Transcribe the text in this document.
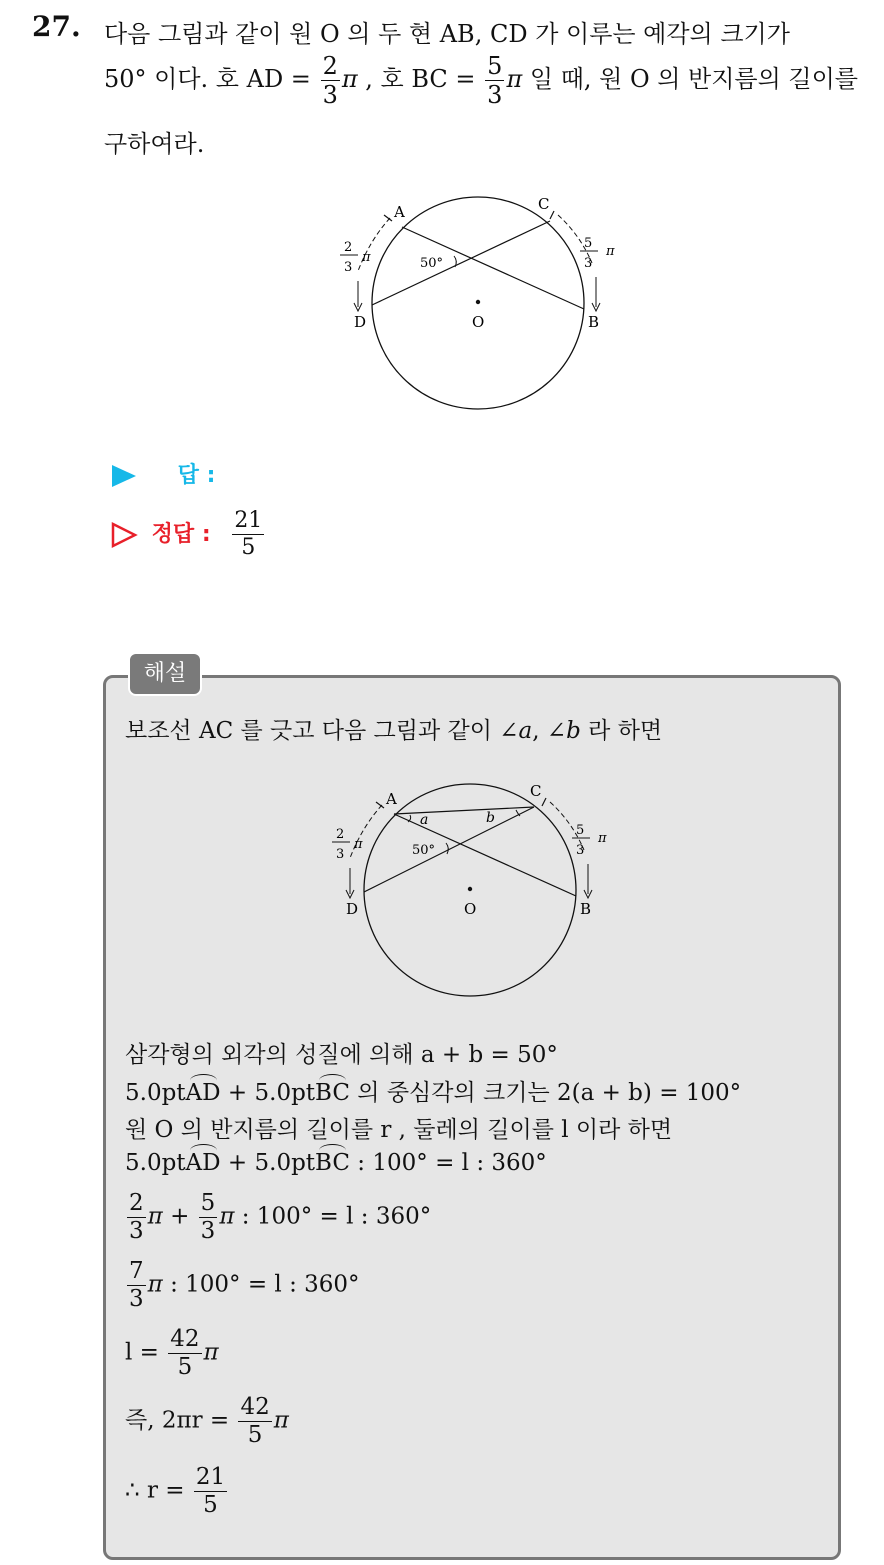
27. 다음 그림과 같이 원 O 의 두 현 AB, CD 가 이루는 예각의 크기가
50° 이다. 호 AD = $\frac{2}{3}$ π , 호 BC = $\frac{5}{3}$ π 일 때, 원 O 의 반지름의 길이를
구하여라.
A	C
D	B
O
50°
2
3
π
5
3
π
답 :
정답 : $\frac{21}{5}$
해설
보조선 AC 를 긋고 다음 그림과 같이 ∠a, ∠b 라 하면
A	C
D	B
O
50°
a	b
2
3
π
5
3
π
삼각형의 외각의 성질에 의해 a + b = 50°
5.0ptAD + 5.0ptBC 의 중심각의 크기는 2(a + b) = 100°
원 O 의 반지름의 길이를 r , 둘레의 길이를 l 이라 하면
5.0ptAD + 5.0ptBC : 100° = l : 360°
$\frac{2}{3}$ $\pi + \frac{5}{3}$ π : 100° = l : 360°
$\frac{7}{3}$ π : 100° = l : 360°
$l = \frac{42}{5}$ π
즉, $2\pi r = \frac{42}{5}$ π
∴ $r = \frac{21}{5}$
